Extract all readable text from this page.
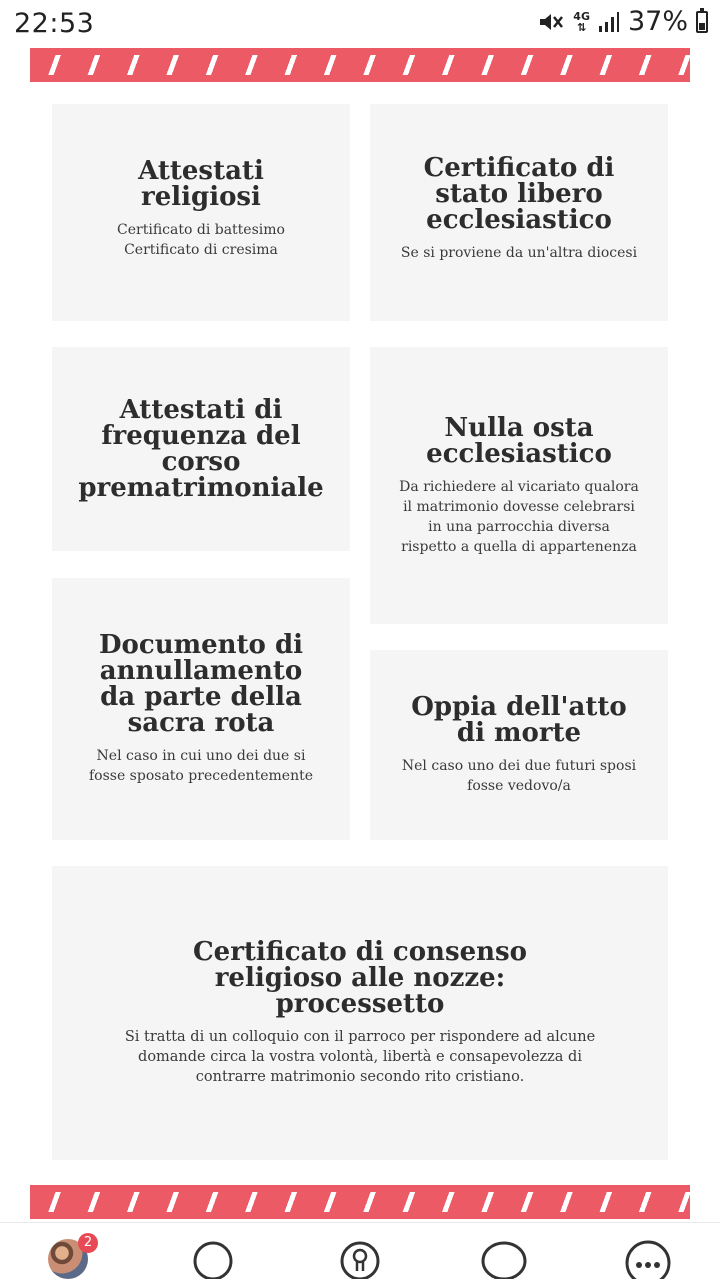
22:53	4G
⇅ 37%
Attestati
religiosi

Certificato di battesimo
Certificato di cresima

Certificato di
stato libero
ecclesiastico

Se si proviene da un'altra diocesi

Attestati di
frequenza del
corso
prematrimoniale
Nulla osta
ecclesiastico

Da richiedere al vicariato qualora
il matrimonio dovesse celebrarsi
in una parrocchia diversa
rispetto a quella di appartenenza

Documento di
annullamento
da parte della
sacra rota

Nel caso in cui uno dei due si
fosse sposato precedentemente

Oppia dell'atto
di morte

Nel caso uno dei due futuri sposi
fosse vedovo/a

Certificato di consenso
religioso alle nozze:
processetto

Si tratta di un colloquio con il parroco per rispondere ad alcune
domande circa la vostra volontà, libertà e consapevolezza di
contrarre matrimonio secondo rito cristiano.

2
